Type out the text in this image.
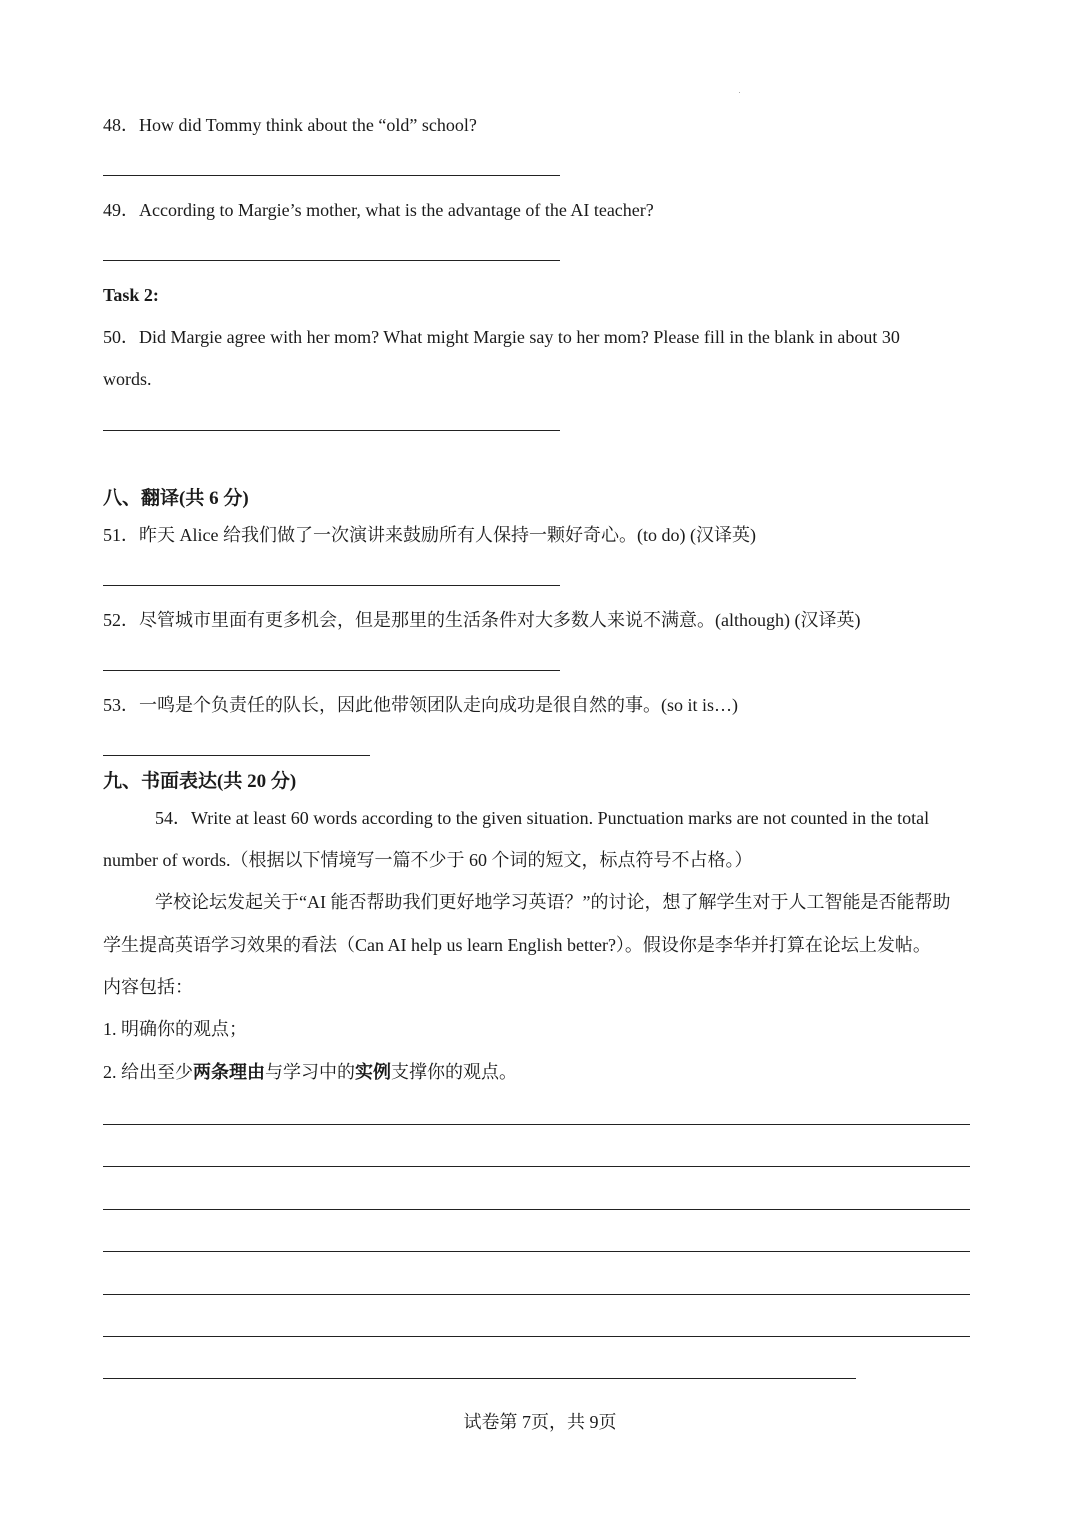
48．How did Tommy think about the “old” school?
49．According to Margie’s mother, what is the advantage of the AI teacher?
Task 2:
50．Did Margie agree with her mom? What might Margie say to her mom? Please fill in the blank in about 30
words.
八、翻译(共 6 分)
51．昨天 Alice 给我们做了一次演讲来鼓励所有人保持一颗好奇心。(to do) (汉译英)
52．尽管城市里面有更多机会，但是那里的生活条件对大多数人来说不满意。(although) (汉译英)
53．一鸣是个负责任的队长，因此他带领团队走向成功是很自然的事。(so it is…)
九、书面表达(共 20 分)
54．Write at least 60 words according to the given situation. Punctuation marks are not counted in the total
number of words.（根据以下情境写一篇不少于 60 个词的短文，标点符号不占格。）
学校论坛发起关于“AI 能否帮助我们更好地学习英语？”的讨论，想了解学生对于人工智能是否能帮助
学生提高英语学习效果的看法（Can AI help us learn English better?）。假设你是李华并打算在论坛上发帖。
内容包括：
1. 明确你的观点；
2. 给出至少两条理由与学习中的实例支撑你的观点。
试卷第 7页，共 9页
